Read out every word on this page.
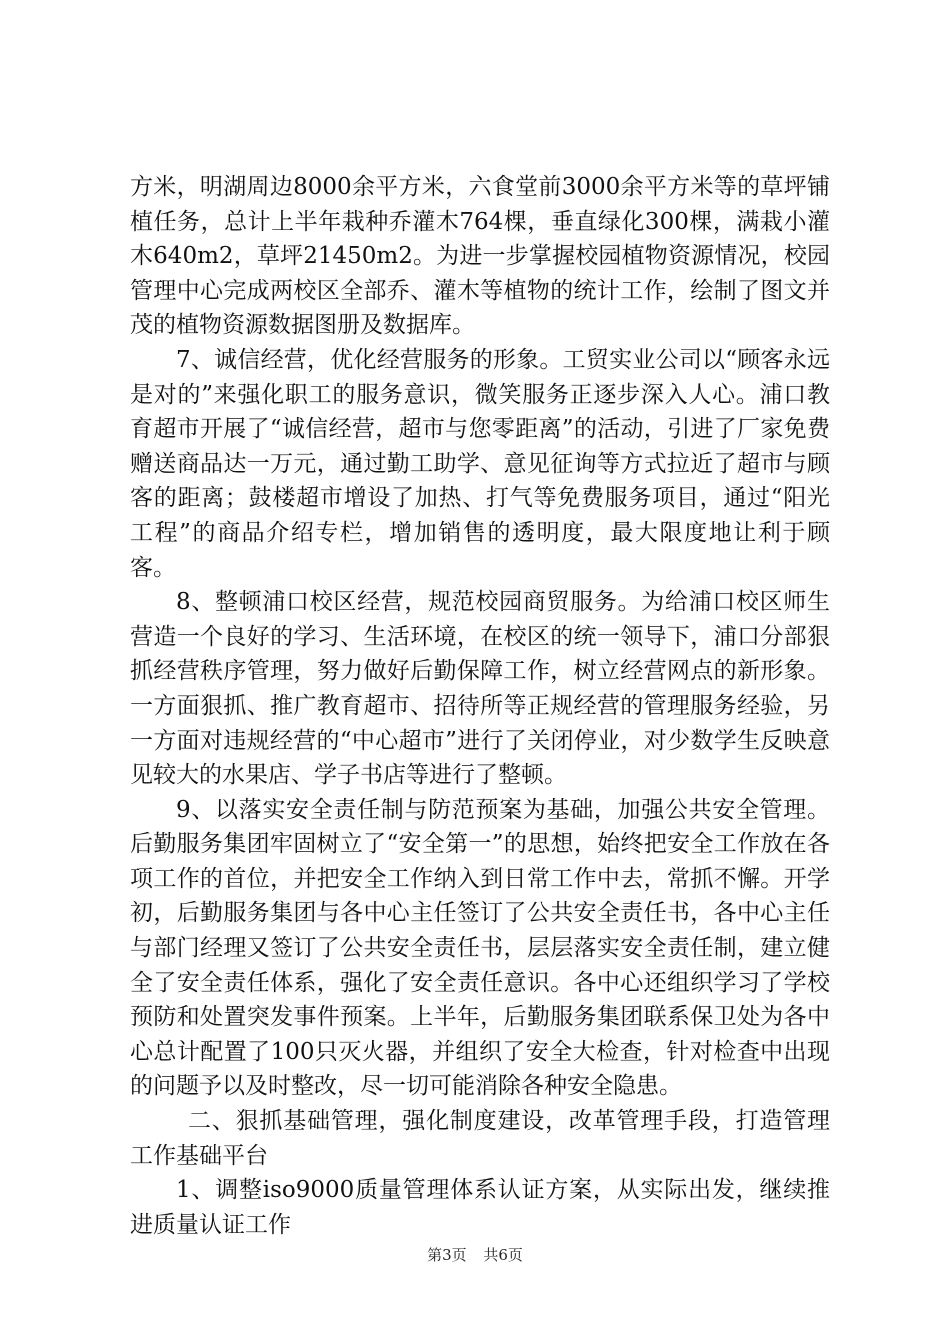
方米，明湖周边8000余平方米，六食堂前3000余平方米等的草坪铺植任务，总计上半年栽种乔灌木764棵，垂直绿化300棵，满栽小灌木640m2，草坪21450m2。为进一步掌握校园植物资源情况，校园管理中心完成两校区全部乔、灌木等植物的统计工作，绘制了图文并茂的植物资源数据图册及数据库。

7、诚信经营，优化经营服务的形象。工贸实业公司以“顾客永远是对的”来强化职工的服务意识，微笑服务正逐步深入人心。浦口教育超市开展了“诚信经营，超市与您零距离”的活动，引进了厂家免费赠送商品达一万元，通过勤工助学、意见征询等方式拉近了超市与顾客的距离；鼓楼超市增设了加热、打气等免费服务项目，通过“阳光工程”的商品介绍专栏，增加销售的透明度，最大限度地让利于顾客。

8、整顿浦口校区经营，规范校园商贸服务。为给浦口校区师生营造一个良好的学习、生活环境，在校区的统一领导下，浦口分部狠抓经营秩序管理，努力做好后勤保障工作，树立经营网点的新形象。一方面狠抓、推广教育超市、招待所等正规经营的管理服务经验，另一方面对违规经营的“中心超市”进行了关闭停业，对少数学生反映意见较大的水果店、学子书店等进行了整顿。

9、以落实安全责任制与防范预案为基础，加强公共安全管理。后勤服务集团牢固树立了“安全第一”的思想，始终把安全工作放在各项工作的首位，并把安全工作纳入到日常工作中去，常抓不懈。开学初，后勤服务集团与各中心主任签订了公共安全责任书，各中心主任与部门经理又签订了公共安全责任书，层层落实安全责任制，建立健全了安全责任体系，强化了安全责任意识。各中心还组织学习了学校预防和处置突发事件预案。上半年，后勤服务集团联系保卫处为各中心总计配置了100只灭火器，并组织了安全大检查，针对检查中出现的问题予以及时整改，尽一切可能消除各种安全隐患。

二、狠抓基础管理，强化制度建设，改革管理手段，打造管理工作基础平台

1、调整iso9000质量管理体系认证方案，从实际出发，继续推进质量认证工作

第3页 共6页
